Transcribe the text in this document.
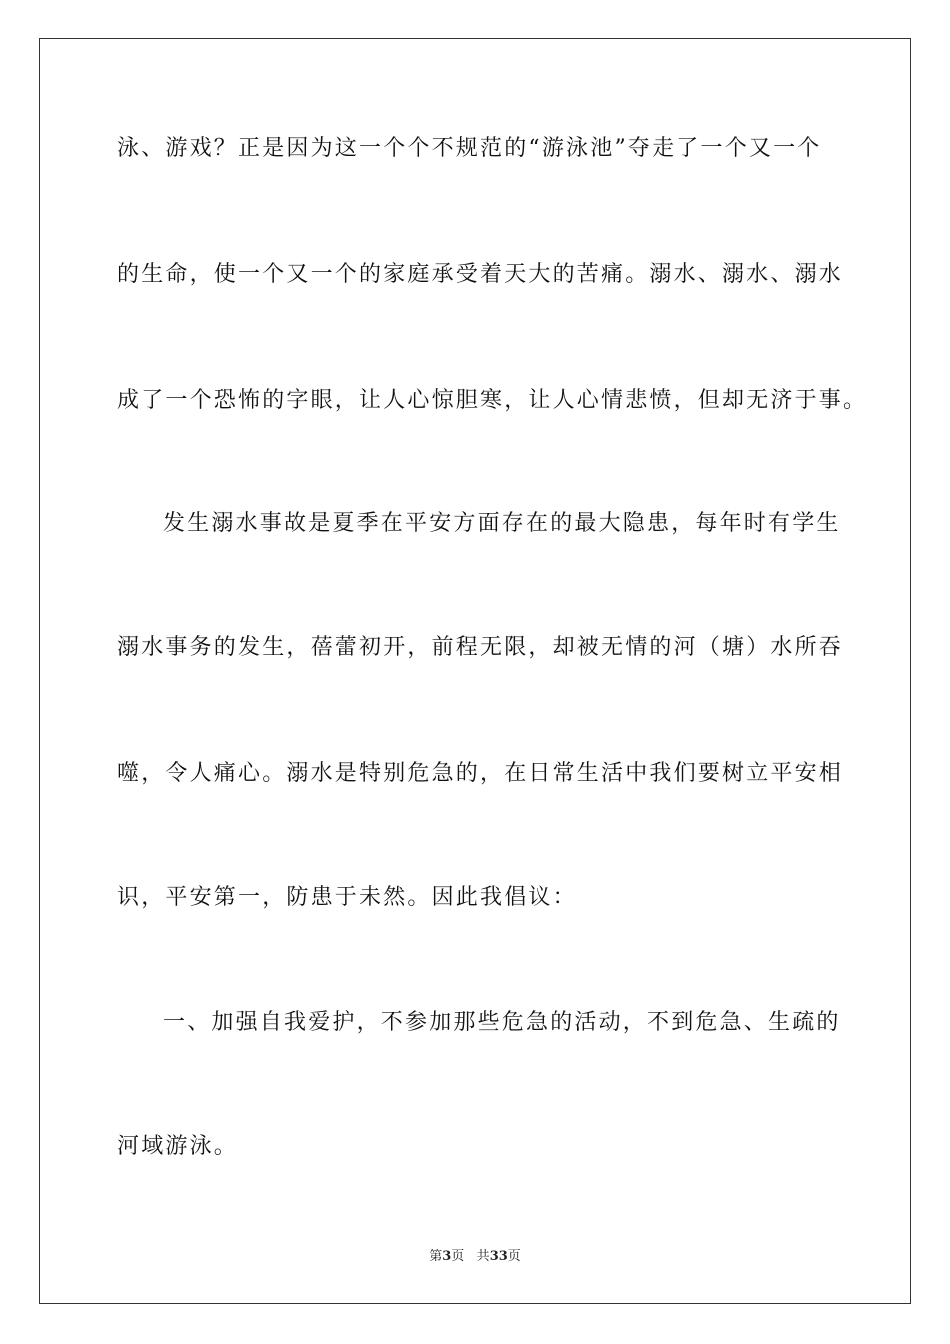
泳、游戏？正是因为这一个个不规范的“游泳池”夺走了一个又一个
的生命，使一个又一个的家庭承受着天大的苦痛。溺水、溺水、溺水
成了一个恐怖的字眼，让人心惊胆寒，让人心情悲愤，但却无济于事。
发生溺水事故是夏季在平安方面存在的最大隐患，每年时有学生
溺水事务的发生，蓓蕾初开，前程无限，却被无情的河（塘）水所吞
噬，令人痛心。溺水是特别危急的，在日常生活中我们要树立平安相
识，平安第一，防患于未然。因此我倡议：
一、加强自我爱护，不参加那些危急的活动，不到危急、生疏的
河域游泳。
第3页 共33页
